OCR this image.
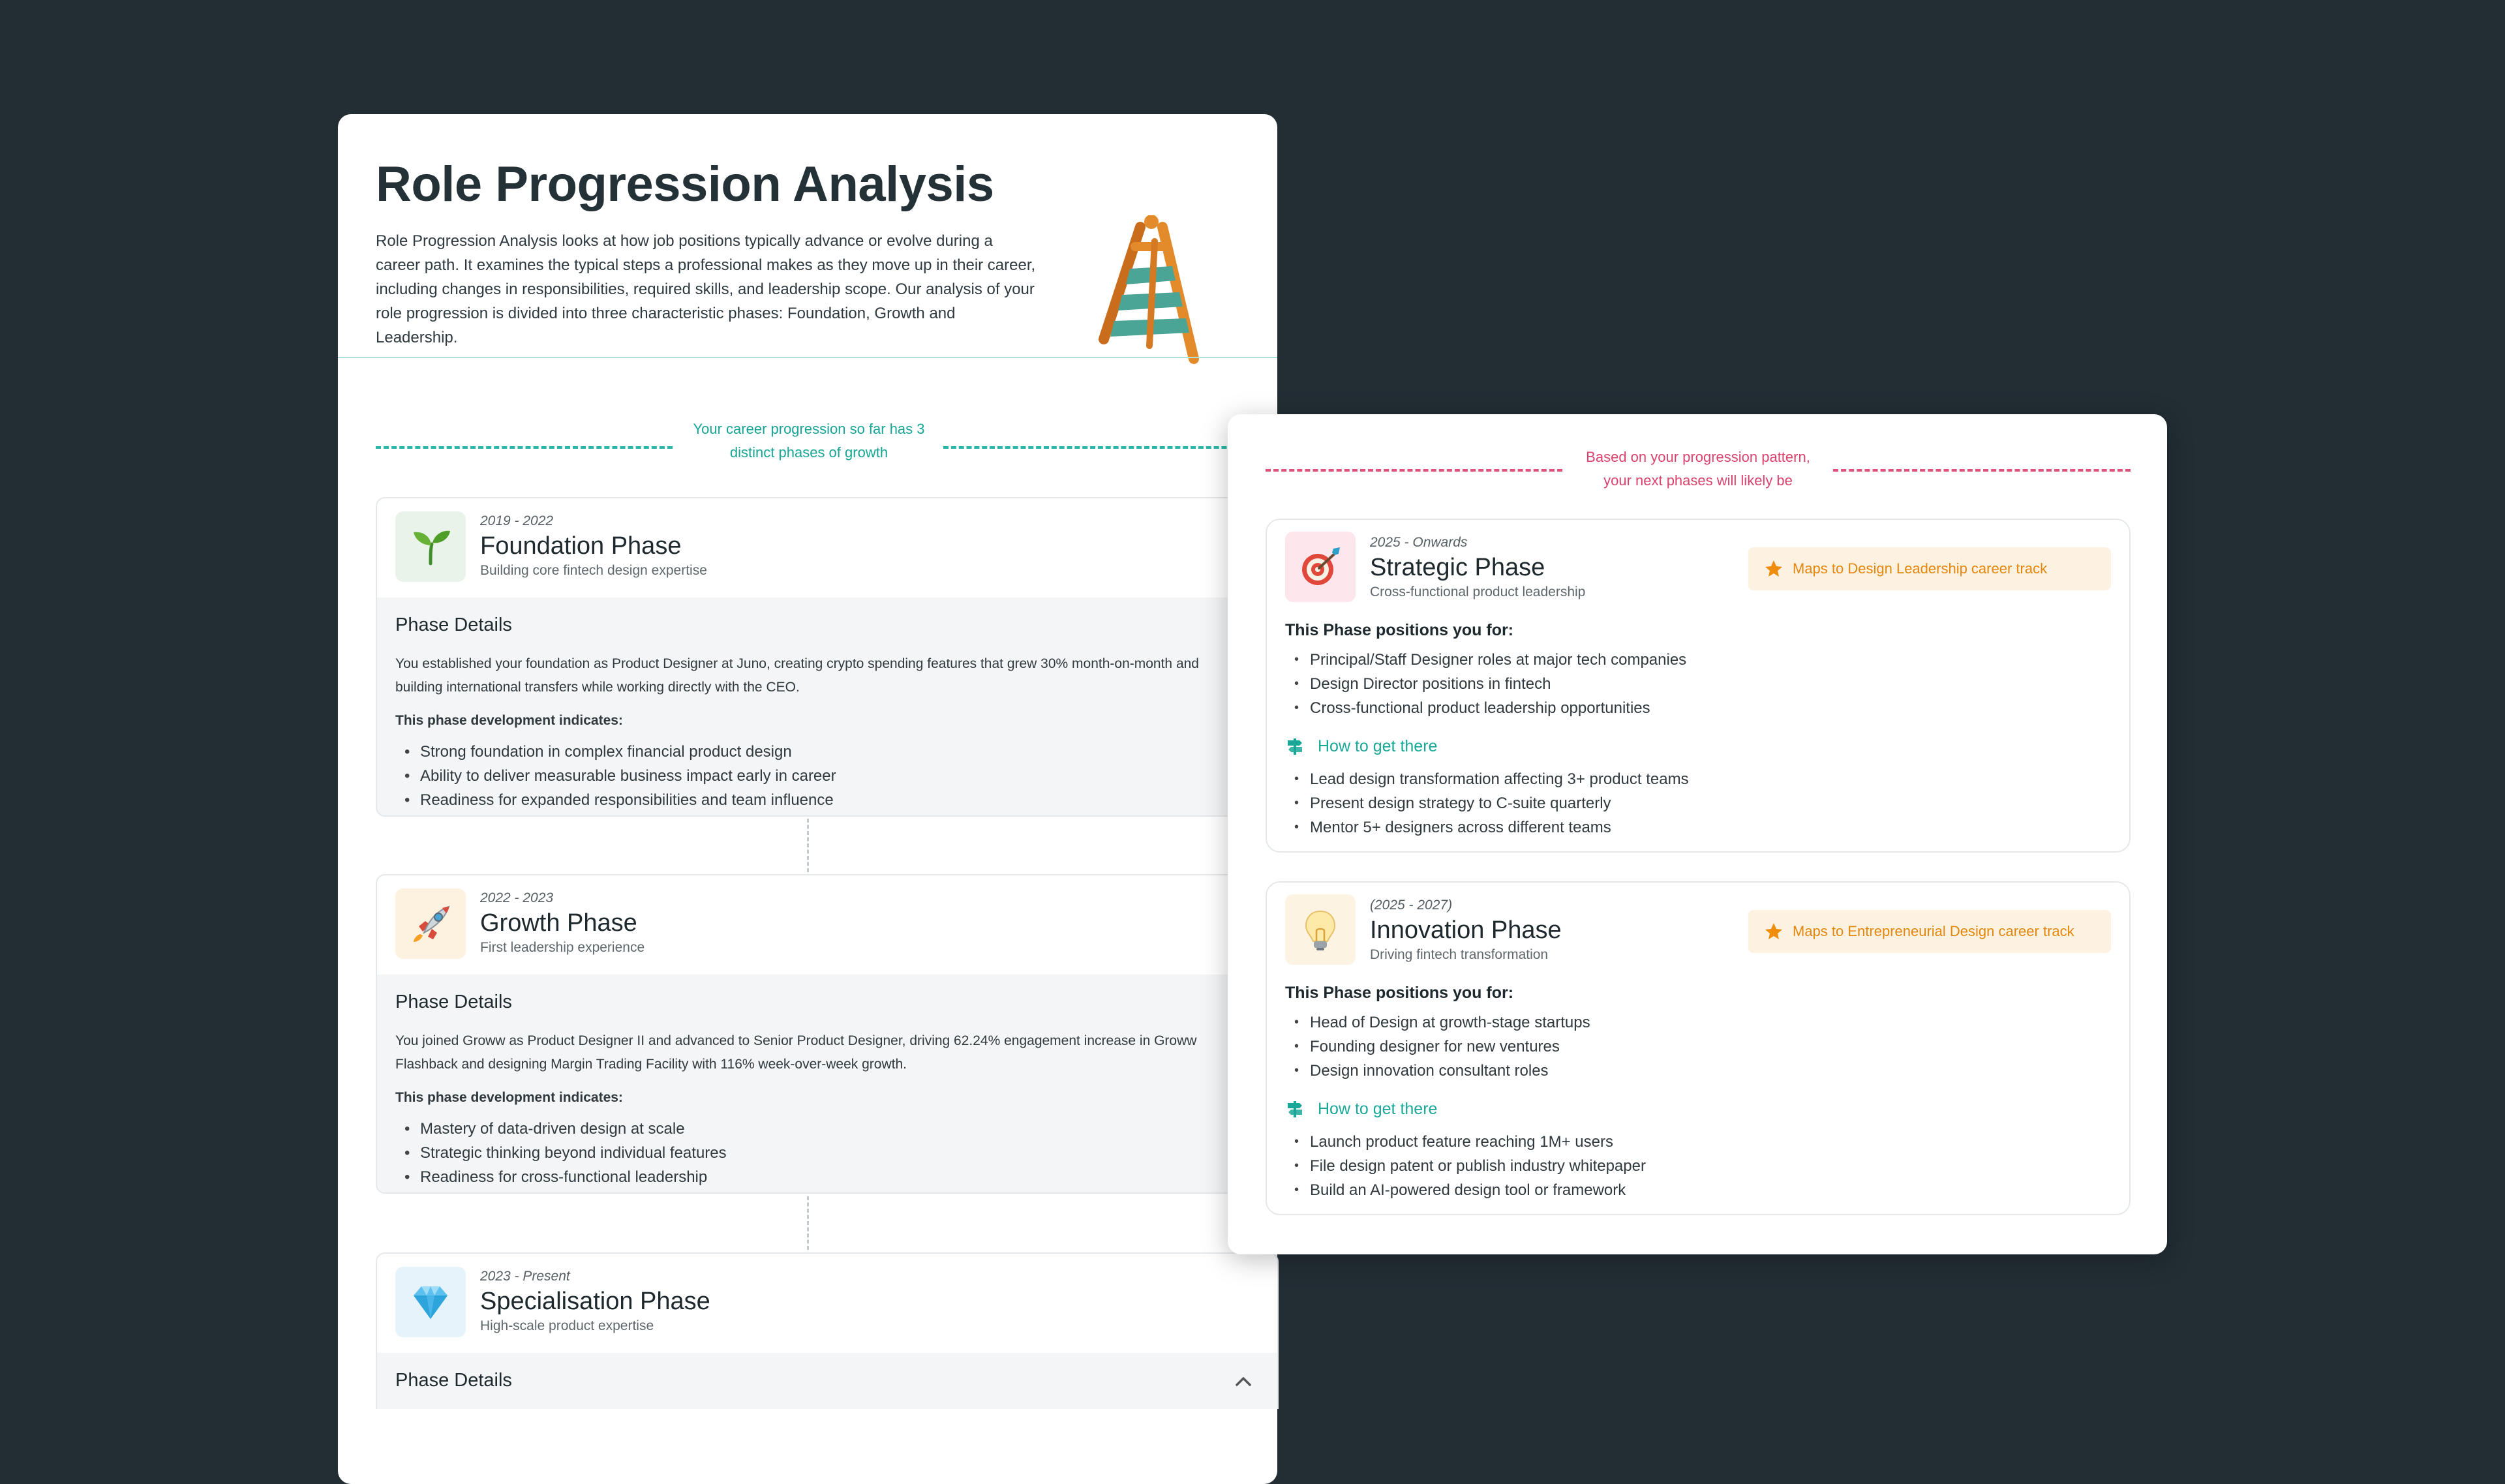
Role Progression Analysis

Role Progression Analysis looks at how job positions typically advance or evolve during a career path. It examines the typical steps a professional makes as they move up in their career, including changes in responsibilities, required skills, and leadership scope. Our analysis of your role progression is divided into three characteristic phases: Foundation, Growth and Leadership.

Your career progression so far has 3
distinct phases of growth
2019 - 2022
Foundation Phase
Building core fintech design expertise
Phase Details

You established your foundation as Product Designer at Juno, creating crypto spending features that grew 30% month-on-month and building international transfers while working directly with the CEO.

This phase development indicates:
• Strong foundation in complex financial product design
• Ability to deliver measurable business impact early in career
• Readiness for expanded responsibilities and team influence
2022 - 2023
Growth Phase
First leadership experience
Phase Details

You joined Groww as Product Designer II and advanced to Senior Product Designer, driving 62.24% engagement increase in Groww Flashback and designing Margin Trading Facility with 116% week-over-week growth.

This phase development indicates:
• Mastery of data-driven design at scale
• Strategic thinking beyond individual features
• Readiness for cross-functional leadership
2023 - Present
Specialisation Phase
High-scale product expertise
Phase Details
Based on your progression pattern,
your next phases will likely be
2025 - Onwards
Strategic Phase
Cross-functional product leadership
Maps to Design Leadership career track
This Phase positions you for:
• Principal/Staff Designer roles at major tech companies
• Design Director positions in fintech
• Cross-functional product leadership opportunities
How to get there
• Lead design transformation affecting 3+ product teams
• Present design strategy to C-suite quarterly
• Mentor 5+ designers across different teams
(2025 - 2027)
Innovation Phase
Driving fintech transformation
Maps to Entrepreneurial Design career track
This Phase positions you for:
• Head of Design at growth-stage startups
• Founding designer for new ventures
• Design innovation consultant roles
How to get there
• Launch product feature reaching 1M+ users
• File design patent or publish industry whitepaper
• Build an AI-powered design tool or framework
